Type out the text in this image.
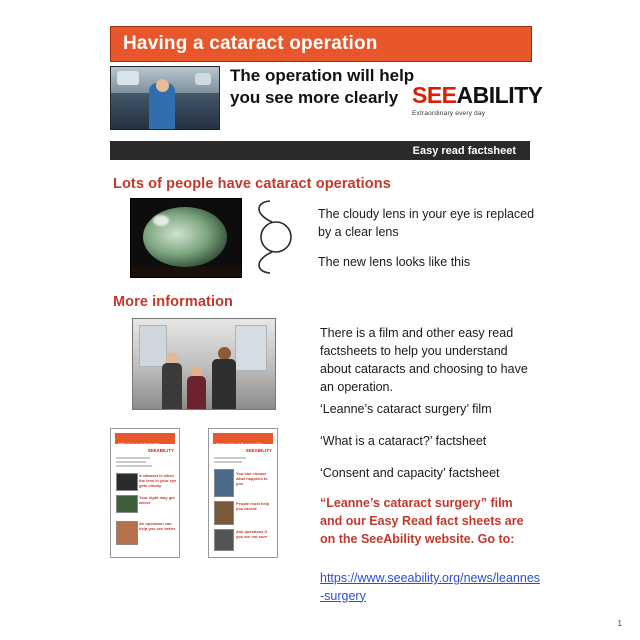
Having a cataract operation
The operation will help you see more clearly SEEABILITY
Extraordinary every day
Easy read factsheet
Lots of people have cataract operations
The cloudy lens in your eye is replaced by a clear lens
The new lens looks like this
More information
There is a film and other easy read factsheets to help you understand about cataracts and choosing to have an operation.
‘Leanne’s cataract surgery’ film
‘What is a cataract?’ factsheet
‘Consent and capacity’ factsheet
“Leanne’s cataract surgery” film and our Easy Read fact sheets are on the SeeAbility website. Go to:
https://www.seeability.org/news/leannes-surgery
What is a cataract?
SEEABILITY
A cataract is when the lens in your eye gets cloudy
Your sight may get worse
An operation can help you see better
Consent and capacity
SEEABILITY
You can choose what happens to you
People must help you decide
Ask questions if you are not sure
1
